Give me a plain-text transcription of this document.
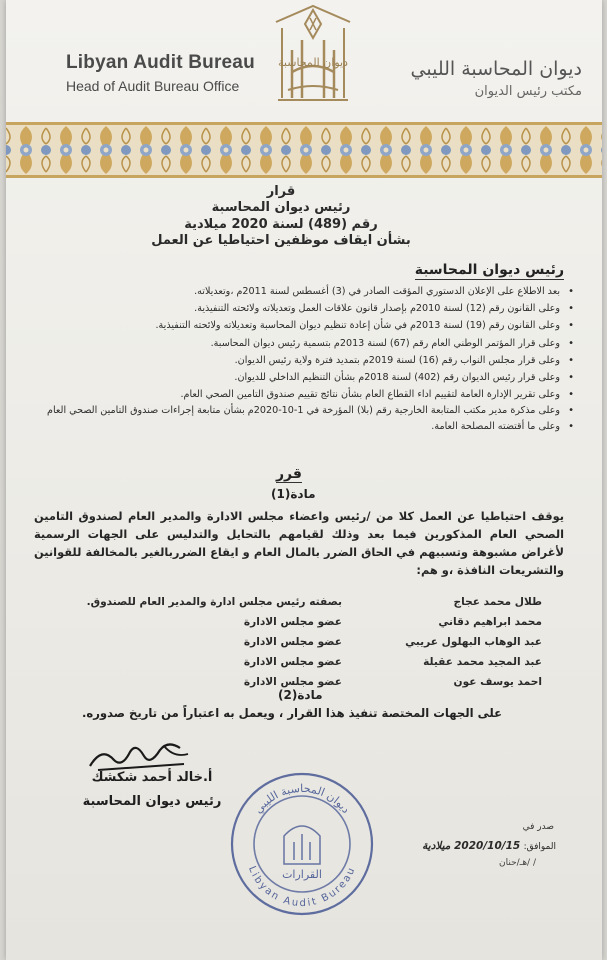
Libyan Audit Bureau
Head of Audit Bureau Office
ديوان المحاسبة	ديوان المحاسبة الليبي
مكتب رئيس الديوان
قرار
رئيس ديوان المحاسبة
رقم (489) لسنة 2020 ميلادية
بشأن ايقاف موظفين احتياطيا عن العمل
رئيس ديوان المحاسبة
• بعد الاطلاع على الإعلان الدستوري المؤقت الصادر في (3) أغسطس لسنة 2011م ،وتعديلاته.
• وعلى القانون رقم (12) لسنة 2010م بإصدار قانون علاقات العمل وتعديلاته ولائحته التنفيذية.
• وعلى القانون رقم (19) لسنة 2013م في شأن إعادة تنظيم ديوان المحاسبة وتعديلاته ولائحته التنفيذية.
• وعلى قرار المؤتمر الوطني العام رقم (67) لسنة 2013م بتسمية رئيس ديوان المحاسبة.
• وعلى قرار مجلس النواب رقم (16) لسنة 2019م بتمديد فترة ولاية رئيس الديوان.
• وعلى قرار رئيس الديوان رقم (402) لسنة 2018م بشأن التنظيم الداخلي للديوان.
• وعلى تقرير الإدارة العامة لتقييم اداء القطاع العام بشأن نتائج تقييم صندوق التامين الصحي العام.
• وعلى مذكرة مدير مكتب المتابعة الخارجية رقم (بلا) المؤرخة في 1-10-2020م بشأن متابعة إجراءات صندوق التامين الصحي العام
• وعلى ما أقتضته المصلحة العامة.
قرر
مادة(1)
يوقف احتياطيا عن العمل كلا من /رئيس واعضاء مجلس الادارة والمدير العام لصندوق التامين الصحي العام المذكورين فيما بعد وذلك لقيامهم بالتحايل والتدليس على الجهات الرسمية لأغراض مشبوهة وتسببهم في الحاق الضرر بالمال العام و ايقاع الضرربالغير بالمخالفة للقوانين والتشريعات النافذة ،و هم:
طلال محمد عجاج
بصفته رئيس مجلس ادارة والمدير العام للصندوق.
محمد ابراهيم دقاني
عضو مجلس الادارة
عبد الوهاب البهلول عريبي
عضو مجلس الادارة
عبد المجيد محمد عقيلة
عضو مجلس الادارة
احمد يوسف عون
عضو مجلس الادارة
مادة(2)
على الجهات المختصة تنفيذ هذا القرار ، ويعمل به اعتباراً من تاريخ صدوره.
أ.خالد أحمد شكشك
رئيس ديوان المحاسبة	ديوان المحاسبة الليبي
Libyan Audit Bureau
القرارات
صدر في
الموافق: 2020/10/15 ميلادية
/ /هـ/حنان
